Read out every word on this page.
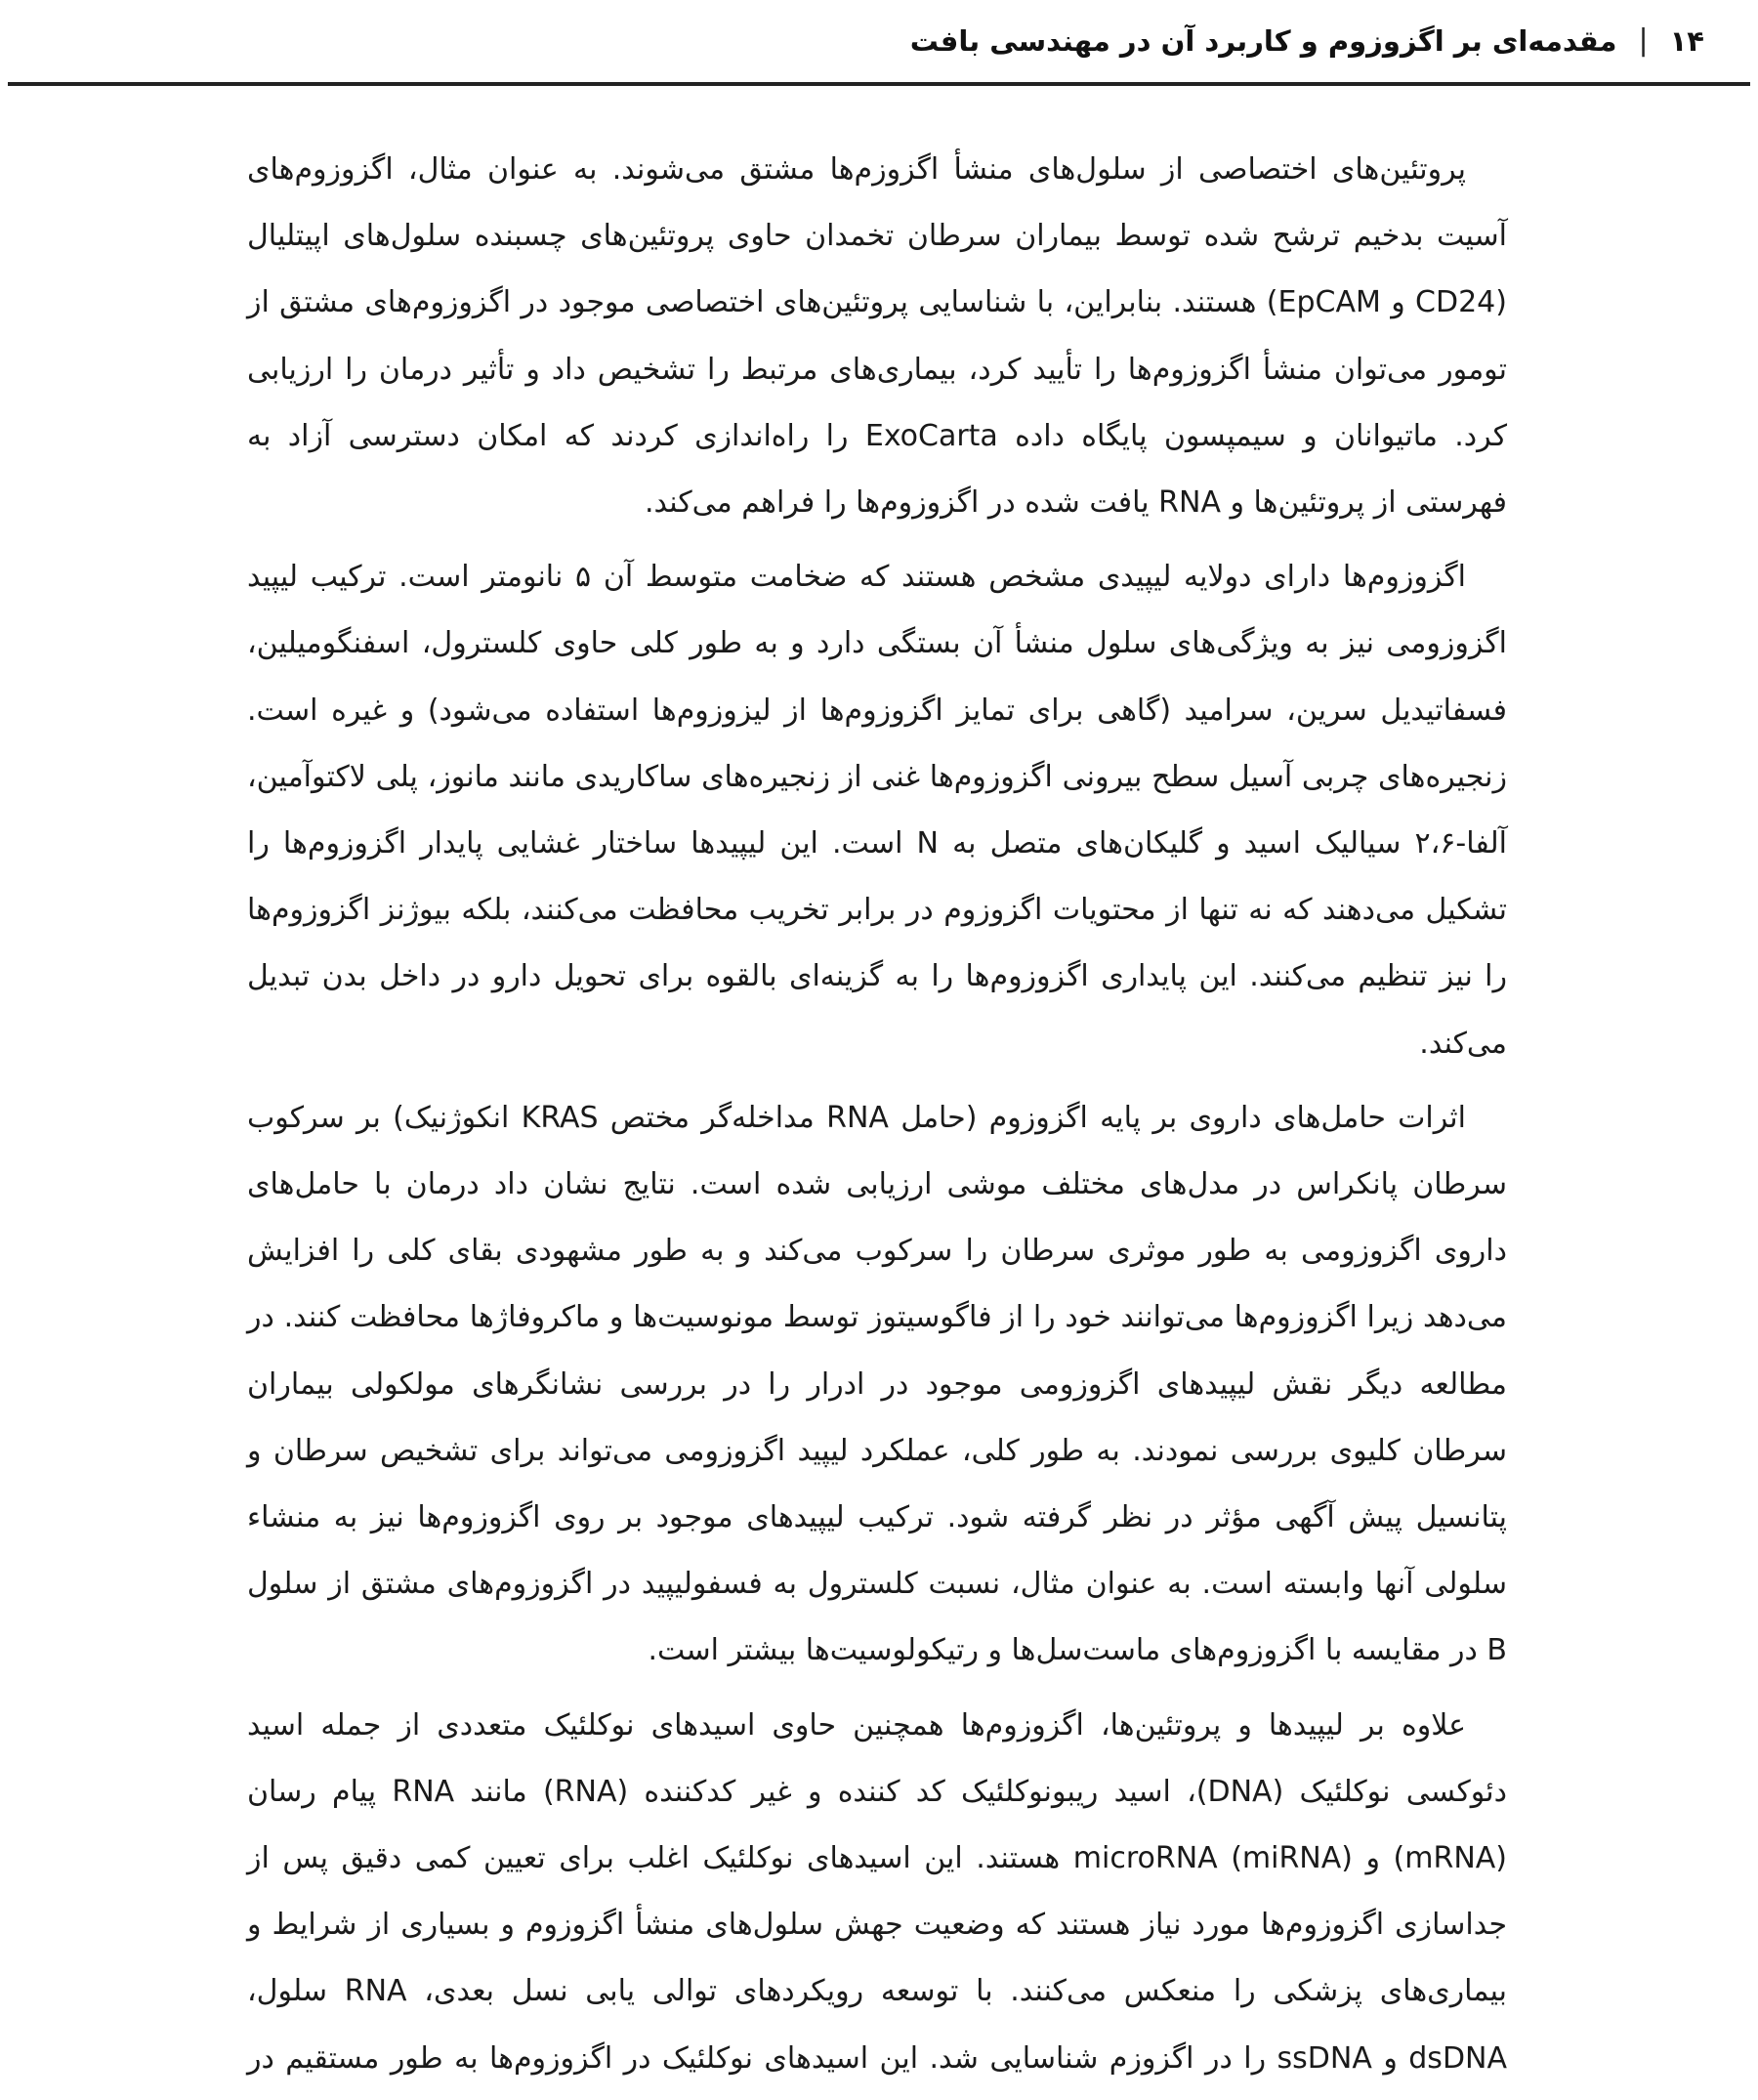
۱۴
|
مقدمه‌ای بر اگزوزوم و کاربرد آن در مهندسی بافت

پروتئین‌های اختصاصی از سلول‌های منشأ اگزوزم‌ها مشتق می‌شوند. به عنوان مثال، اگزوزوم‌های آسیت بدخیم ترشح شده توسط بیماران سرطان تخمدان حاوی پروتئین‌های چسبنده سلول‌های اپیتلیال (CD24 و EpCAM) هستند. بنابراین، با شناسایی پروتئین‌های اختصاصی موجود در اگزوزوم‌های مشتق از تومور می‌توان منشأ اگزوزوم‌ها را تأیید کرد، بیماری‌های مرتبط را تشخیص داد و تأثیر درمان را ارزیابی کرد. ماتیوانان و سیمپسون پایگاه داده ExoCarta را راه‌اندازی کردند که امکان دسترسی آزاد به فهرستی از پروتئین‌ها و RNA یافت شده در اگزوزوم‌ها را فراهم می‌کند.

اگزوزوم‌ها دارای دولایه لیپیدی مشخص هستند که ضخامت متوسط آن ۵ نانومتر است. ترکیب لیپید اگزوزومی نیز به ویژگی‌های سلول منشأ آن بستگی دارد و به طور کلی حاوی کلسترول، اسفنگومیلین، فسفاتیدیل سرین، سرامید (گاهی برای تمایز اگزوزوم‌ها از لیزوزوم‌ها استفاده می‌شود) و غیره است. زنجیره‌های چربی آسیل سطح بیرونی اگزوزوم‌ها غنی از زنجیره‌های ساکاریدی مانند مانوز، پلی لاکتوآمین، آلفا-۲،۶ سیالیک اسید و گلیکان‌های متصل به N است. این لیپیدها ساختار غشایی پایدار اگزوزوم‌ها را تشکیل می‌دهند که نه تنها از محتویات اگزوزوم در برابر تخریب محافظت می‌کنند، بلکه بیوژنز اگزوزوم‌ها را نیز تنظیم می‌کنند. این پایداری اگزوزوم‌ها را به گزینه‌ای بالقوه برای تحویل دارو در داخل بدن تبدیل می‌کند.

اثرات حامل‌های داروی بر پایه اگزوزوم (حامل RNA مداخله‌گر مختص KRAS انکوژنیک) بر سرکوب سرطان پانکراس در مدل‌های مختلف موشی ارزیابی شده است. نتایج نشان داد درمان با حامل‌های داروی اگزوزومی به طور موثری سرطان را سرکوب می‌کند و به طور مشهودی بقای کلی را افزایش می‌دهد زیرا اگزوزوم‌ها می‌توانند خود را از فاگوسیتوز توسط مونوسیت‌ها و ماکروفاژها محافظت کنند. در مطالعه دیگر نقش لیپیدهای اگزوزومی موجود در ادرار را در بررسی نشانگرهای مولکولی بیماران سرطان کلیوی بررسی نمودند. به طور کلی، عملکرد لیپید اگزوزومی می‌تواند برای تشخیص سرطان و پتانسیل پیش آگهی مؤثر در نظر گرفته شود. ترکیب لیپیدهای موجود بر روی اگزوزوم‌ها نیز به منشاء سلولی آنها وابسته است. به عنوان مثال، نسبت کلسترول به فسفولیپید در اگزوزوم‌های مشتق از سلول B در مقایسه با اگزوزوم‌های ماست‌سل‌ها و رتیکولوسیت‌ها بیشتر است.

علاوه بر لیپیدها و پروتئین‌ها، اگزوزوم‌ها همچنین حاوی اسیدهای نوکلئیک متعددی از جمله اسید دئوکسی نوکلئیک (DNA)، اسید ریبونوکلئیک کد کننده و غیر کدکننده (RNA) مانند RNA پیام رسان (mRNA) و microRNA (miRNA) هستند. این اسیدهای نوکلئیک اغلب برای تعیین کمی دقیق پس از جداسازی اگزوزوم‌ها مورد نیاز هستند که وضعیت جهش سلول‌های منشأ اگزوزوم و بسیاری از شرایط و بیماری‌های پزشکی را منعکس می‌کنند. با توسعه رویکردهای توالی یابی نسل بعدی، RNA سلول، dsDNA و ssDNA را در اگزوزم شناسایی شد. این اسیدهای نوکلئیک در اگزوزوم‌ها به طور مستقیم در
